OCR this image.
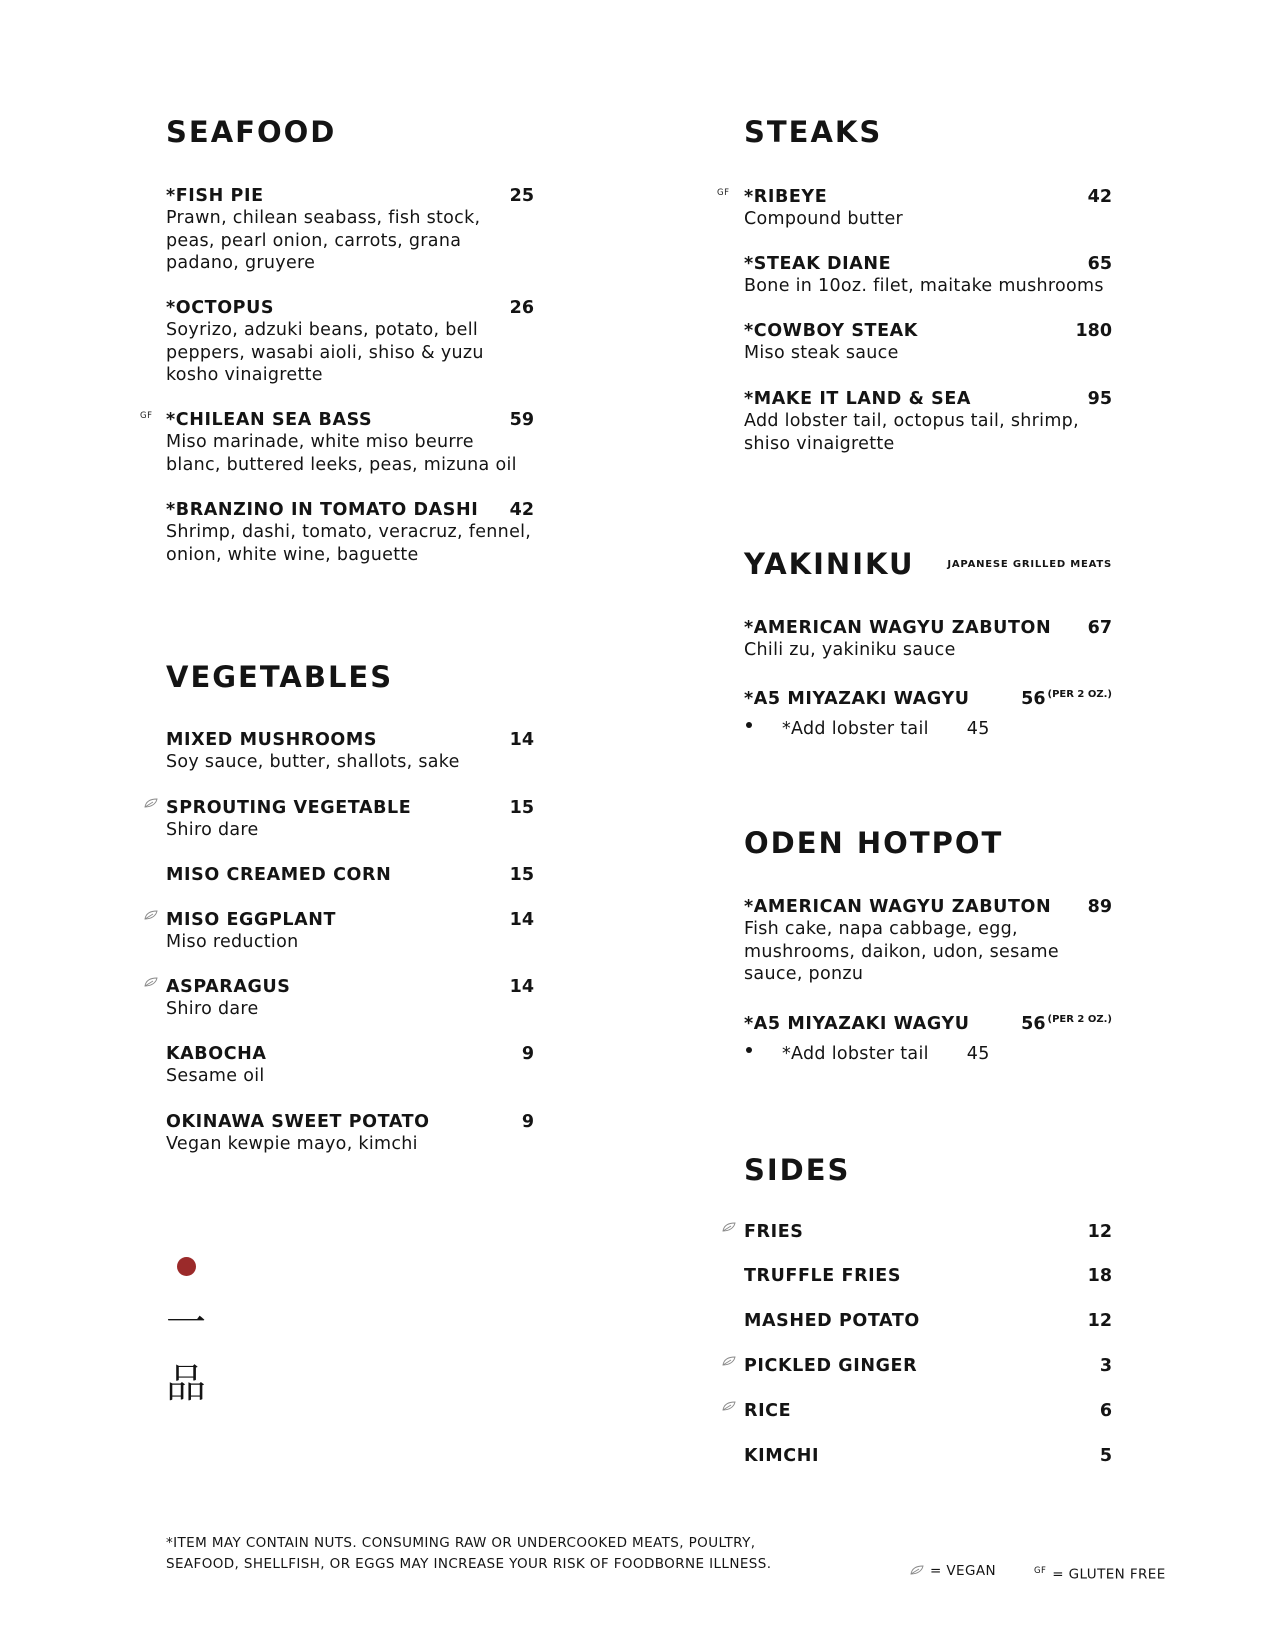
SEAFOOD
*FISH PIE	25
Prawn, chilean seabass, fish stock, peas, pearl onion, carrots, grana padano, gruyere
*OCTOPUS	26
Soyrizo, adzuki beans, potato, bell peppers, wasabi aioli, shiso & yuzu kosho vinaigrette
GF *CHILEAN SEA BASS	59
Miso marinade, white miso beurre blanc, buttered leeks, peas, mizuna oil
*BRANZINO IN TOMATO DASHI 42
Shrimp, dashi, tomato, veracruz, fennel, onion, white wine, baguette
VEGETABLES
MIXED MUSHROOMS	14
Soy sauce, butter, shallots, sake
SPROUTING VEGETABLE	15
Shiro dare
MISO CREAMED CORN	15
MISO EGGPLANT	14
Miso reduction
ASPARAGUS	14
Shiro dare
KABOCHA	9
Sesame oil
OKINAWA SWEET POTATO	9
Vegan kewpie mayo, kimchi
一
品
STEAKS
GF *RIBEYE	42
Compound butter
*STEAK DIANE	65
Bone in 10oz. filet, maitake mushrooms
*COWBOY STEAK	180
Miso steak sauce
*MAKE IT LAND & SEA	95
Add lobster tail, octopus tail, shrimp, shiso vinaigrette
YAKINIKU	JAPANESE GRILLED MEATS
*AMERICAN WAGYU ZABUTON 67
Chili zu, yakiniku sauce
*A5 MIYAZAKI WAGYU	56 $^{(PER 2 OZ.)}$
*Add lobster tail 45
ODEN HOTPOT
*AMERICAN WAGYU ZABUTON 89
Fish cake, napa cabbage, egg, mushrooms, daikon, udon, sesame sauce, ponzu
*A5 MIYAZAKI WAGYU	56 $^{(PER 2 OZ.)}$
*Add lobster tail 45
SIDES
FRIES	12
TRUFFLE FRIES	18
MASHED POTATO	12
PICKLED GINGER	3
RICE	6
KIMCHI	5
*ITEM MAY CONTAIN NUTS. CONSUMING RAW OR UNDERCOOKED MEATS, POULTRY,
SEAFOOD, SHELLFISH, OR EGGS MAY INCREASE YOUR RISK OF FOODBORNE ILLNESS.	= VEGAN	$^{GF}$ = GLUTEN FREE
